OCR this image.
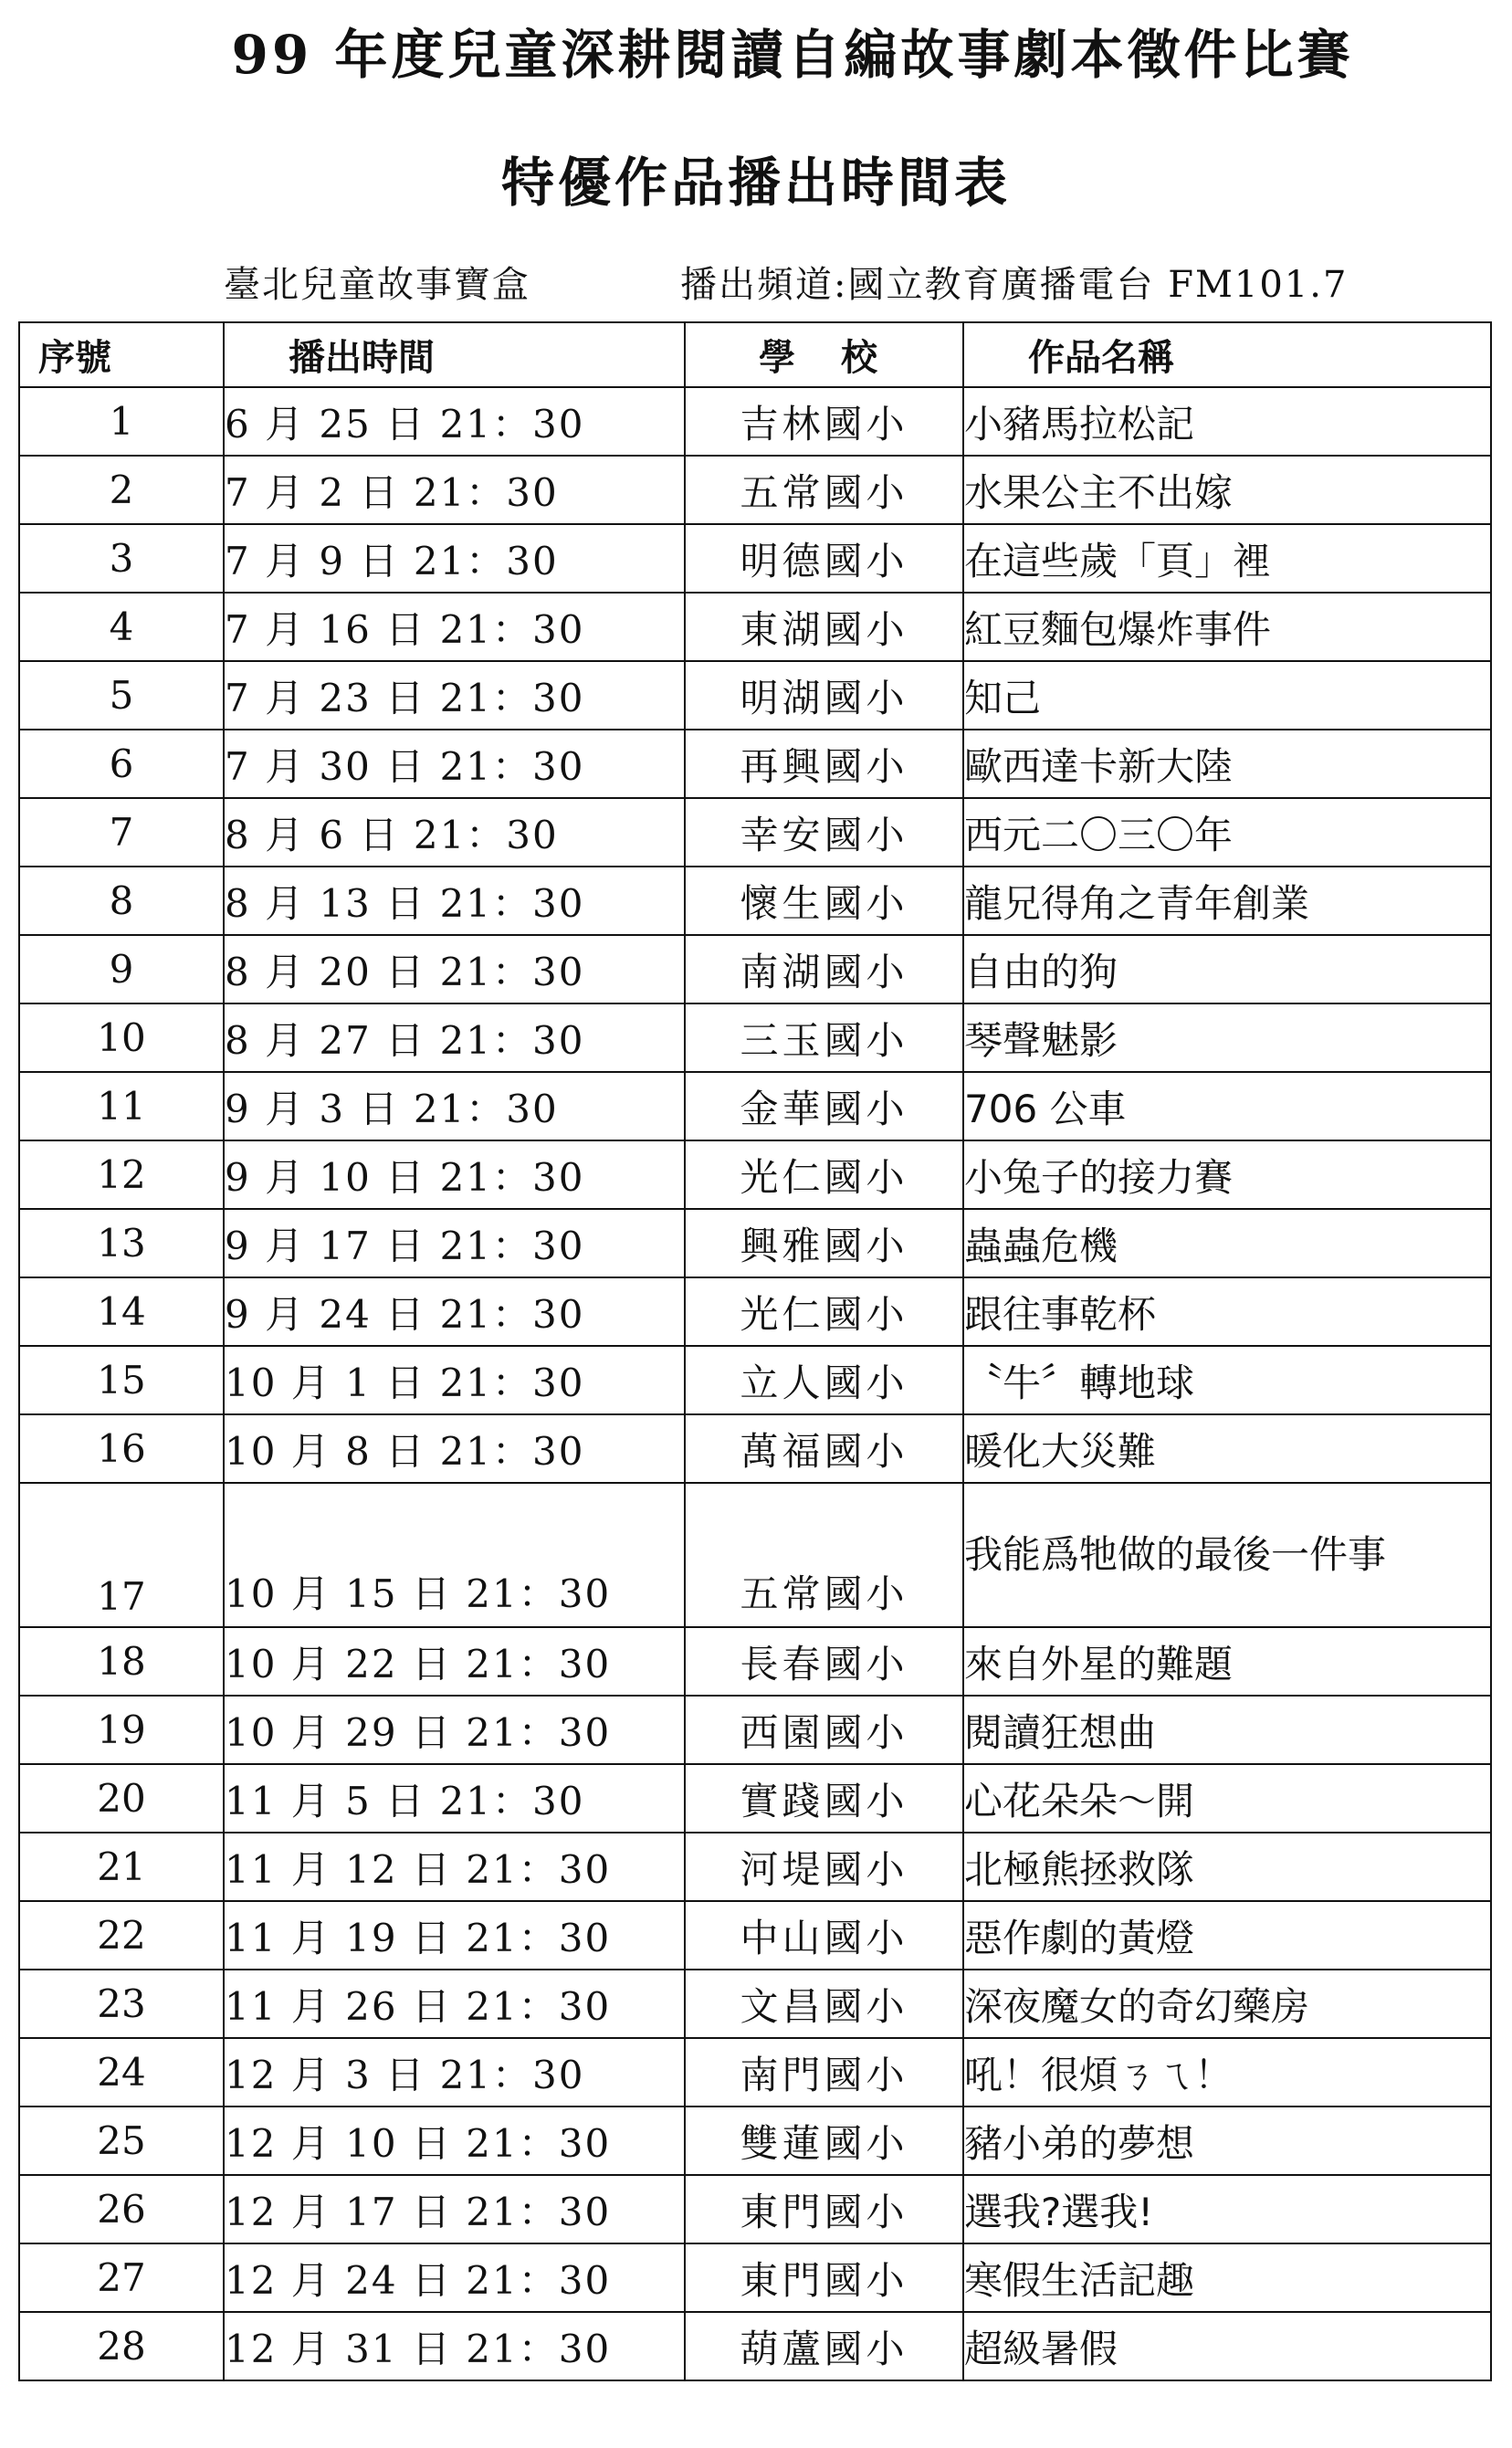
99 年度兒童深耕閱讀自編故事劇本徵件比賽
特優作品播出時間表
臺北兒童故事寶盒	播出頻道:國立教育廣播電台 FM101.7
序號	播出時間	學校	作品名稱
1	6 月 25 日 21：30	吉林國小	小豬馬拉松記
2	7 月 2 日 21：30	五常國小	水果公主不出嫁
3	7 月 9 日 21：30	明德國小	在這些歲「頁」裡
4	7 月 16 日 21：30	東湖國小	紅豆麵包爆炸事件
5	7 月 23 日 21：30	明湖國小	知己
6	7 月 30 日 21：30	再興國小	歐西達卡新大陸
7	8 月 6 日 21：30	幸安國小	西元二〇三〇年
8	8 月 13 日 21：30	懷生國小	龍兄得角之青年創業
9	8 月 20 日 21：30	南湖國小	自由的狗
10	8 月 27 日 21：30	三玉國小	琴聲魅影
11	9 月 3 日 21：30	金華國小	706 公車
12	9 月 10 日 21：30	光仁國小	小兔子的接力賽
13	9 月 17 日 21：30	興雅國小	蟲蟲危機
14	9 月 24 日 21：30	光仁國小	跟往事乾杯
15	10 月 1 日 21：30	立人國小	〝牛〞轉地球
16	10 月 8 日 21：30	萬福國小	暖化大災難
17	10 月 15 日 21：30	五常國小	我能爲牠做的最後一件事
18	10 月 22 日 21：30	長春國小	來自外星的難題
19	10 月 29 日 21：30	西園國小	閱讀狂想曲
20	11 月 5 日 21：30	實踐國小	心花朵朵～開
21	11 月 12 日 21：30	河堤國小	北極熊拯救隊
22	11 月 19 日 21：30	中山國小	惡作劇的黃燈
23	11 月 26 日 21：30	文昌國小	深夜魔女的奇幻藥房
24	12 月 3 日 21：30	南門國小	吼！很煩ㄋㄟ！
25	12 月 10 日 21：30	雙蓮國小	豬小弟的夢想
26	12 月 17 日 21：30	東門國小	選我?選我!
27	12 月 24 日 21：30	東門國小	寒假生活記趣
28	12 月 31 日 21：30	葫蘆國小	超級暑假
